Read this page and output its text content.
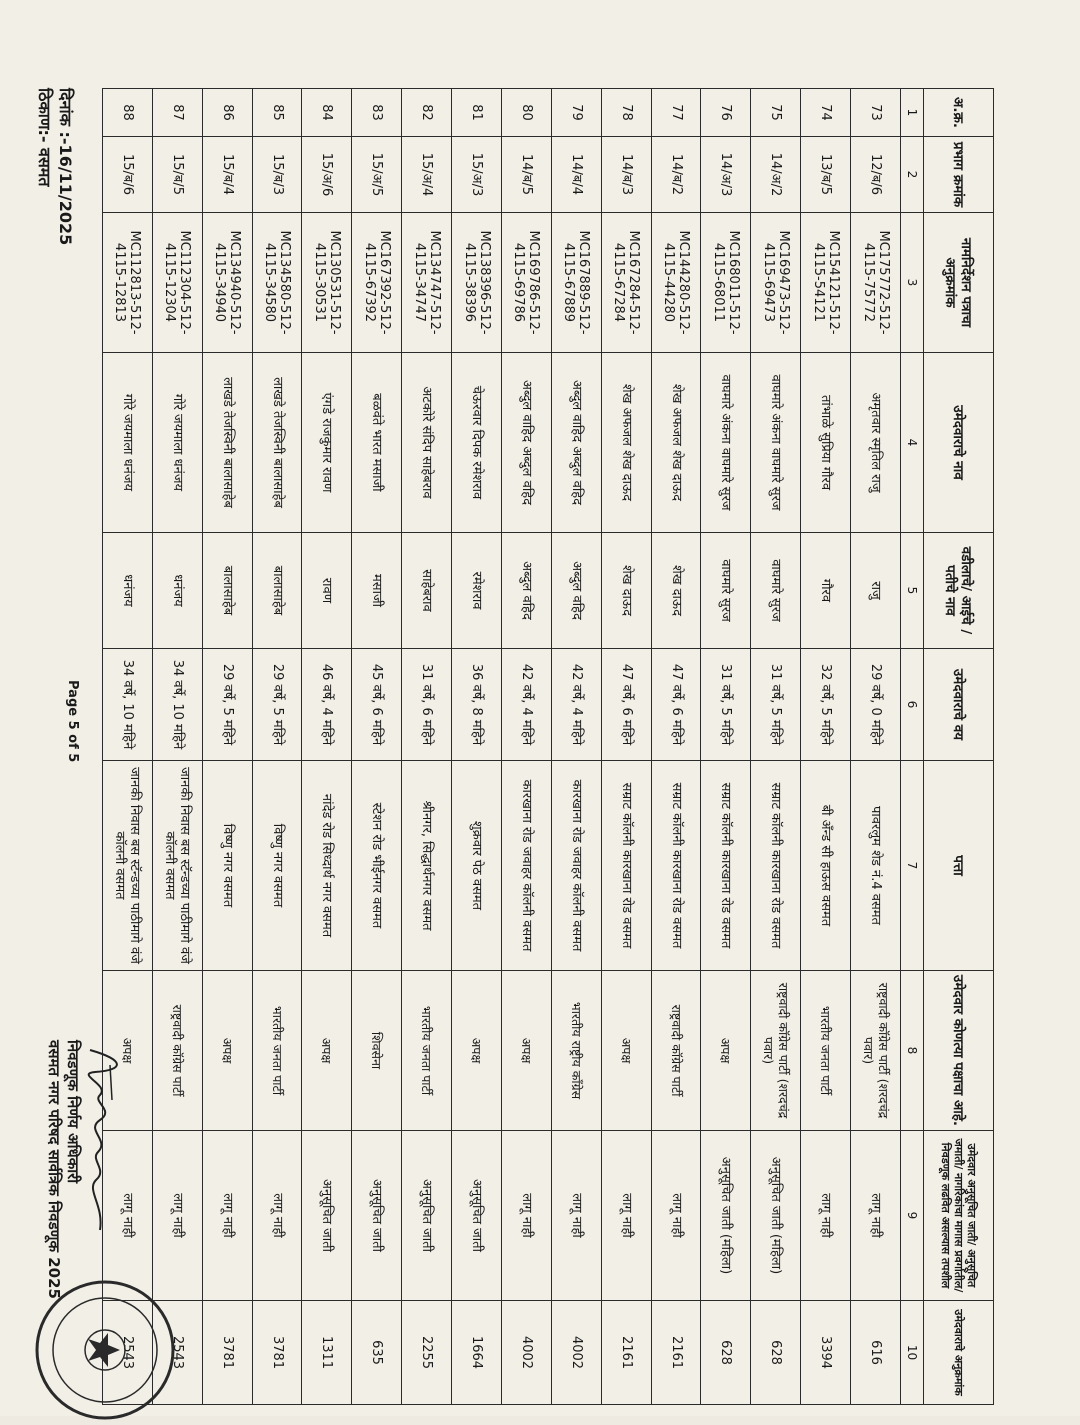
अ.क्र.	प्रभाग क्रमांक	नामनिर्देशन पत्राचा अनुक्रमांक	उमेदवाराचे नाव	वडीलाचे/ आईचे / पतीचे नाव	उमेदवाराचे वय	पत्ता	उमेदवार कोणत्या पक्षाचा आहे.	उमेदवार अनुसूचित जाती/ अनुसूचित जमाती/ नागरिकांचा मागास प्रवर्गातील/ निवडणूक लढवित असल्यास तपशील	उमेदवाराचे अनुक्रमांक
1	2	3	4	5	6	7	8	9	10
73	12/ब/6	MC175772-512-4115-75772	अमृतवार स्मृतिल राजु	राजु	29 वर्षे, 0 महिने	पावरलुम शेड नं.4 वसमत	राष्ट्रवादी कॉग्रेस पार्टी (शरदचंद्र पवार)	लागू नाही	616
74	13/ब/5	MC154121-512-4115-54121	तांभाळे सुप्रिया गौरव	गौरव	32 वर्षे, 5 महिने	बी अँन्ड सी हाऊस वसमत	भारतीय जनता पार्टी	लागू नाही	3394
75	14/अ/2	MC169473-512-4115-69473	वाघमारे अंकना वाघमारे सुरज	वाघमारे सुरज	31 वर्षे, 5 महिने	सम्राट कॉलनी कारखाना रोड वसमत	राष्ट्रवादी कॉग्रेस पार्टी (शरदचंद्र पवार)	अनुसूचित जाती (महिला)	628
76	14/अ/3	MC168011-512-4115-68011	वाघमारे अंकना वाघमारे सुरज	वाघमारे सुरज	31 वर्षे, 5 महिने	सम्राट कॉलनी कारखाना रोड वसमत	अपक्ष	अनुसूचित जाती (महिला)	628
77	14/ब/2	MC144280-512-4115-44280	शेख अफजल शेख दाऊद	शेख दाऊद	47 वर्षे, 6 महिने	सम्राट कॉलनी कारखाना रोड वसमत	राष्ट्रवादी कॉग्रेस पार्टी	लागू नाही	2161
78	14/ब/3	MC167284-512-4115-67284	शेख अफजल शेख दाऊद	शेख दाऊद	47 वर्षे, 6 महिने	सम्राट कॉलनी कारखाना रोड वसमत	अपक्ष	लागू नाही	2161
79	14/ब/4	MC167889-512-4115-67889	अब्दुल वाहिद अब्दुल वहिद	अब्दुल वहिद	42 वर्षे, 4 महिने	कारखाना रोड जवाहर कॉलनी वसमत	भारतीय राष्ट्रीय कॉंग्रेस	लागू नाही	4002
80	14/ब/5	MC169786-512-4115-69786	अब्दुल वाहिद अब्दुल वहिद	अब्दुल वहिद	42 वर्षे, 4 महिने	कारखाना रोड जवाहर कॉलनी वसमत	अपक्ष	लागू नाही	4002
81	15/अ/3	MC138396-512-4115-38396	चेऊरवार दिपक रमेशराव	रमेशराव	36 वर्षे, 8 महिने	शुक्रवार पेठ वसमत	अपक्ष	अनुसूचित जाती	1664
82	15/अ/4	MC134747-512-4115-34747	अटकोरे संदिप साहेबराव	साहेबराव	31 वर्षे, 6 महिने	श्रीनगर, सिद्धार्थनगर वसमत	भारतीय जनता पार्टी	अनुसूचित जाती	2255
83	15/अ/5	MC167392-512-4115-67392	बळवंते भारत मसाजी	मसाजी	45 वर्षे, 6 महिने	स्टेशन रोड भीईनगर वसमत	शिवसेना	अनुसूचित जाती	635
84	15/अ/6	MC130531-512-4115-30531	एंगडे राजकुमार रावण	रावण	46 वर्षे, 4 महिने	नांदेड रोड सिध्दार्थ नगर वसमत	अपक्ष	अनुसूचित जाती	1311
85	15/ब/3	MC134580-512-4115-34580	लाखडे तेजस्विनी बालासाहेब	बालासाहेब	29 वर्षे, 5 महिने	विष्णु नगर वसमत	भारतीय जनता पार्टी	लागू नाही	3781
86	15/ब/4	MC134940-512-4115-34940	लाखडे तेजस्विनी बालासाहेब	बालासाहेब	29 वर्षे, 5 महिने	विष्णु नगर वसमत	अपक्ष	लागू नाही	3781
87	15/ब/5	MC112304-512-4115-12304	गोरे जयमाला धनंजय	धनंजय	34 वर्षे, 10 महिने	जानकी निवास बस स्टॅन्डच्या पाठीमागे वंजे कॉलनी वसमत	राष्ट्रवादी कॉग्रेस पार्टी	लागू नाही	2543
88	15/ब/6	MC112813-512-4115-12813	गोरे जयमाला धनंजय	धनंजय	34 वर्षे, 10 महिने	जानकी निवास बस स्टॅन्डच्या पाठीमागे वंजे कॉलनी वसमत	अपक्ष	लागू नाही	2543
दिनांक :-16/11/2025
ठिकाण:- वसमत
Page 5 of 5
निवडणूक निर्णय अधिकारी
वसमत नगर परिषद सार्वत्रिक निवडणूक 2025
